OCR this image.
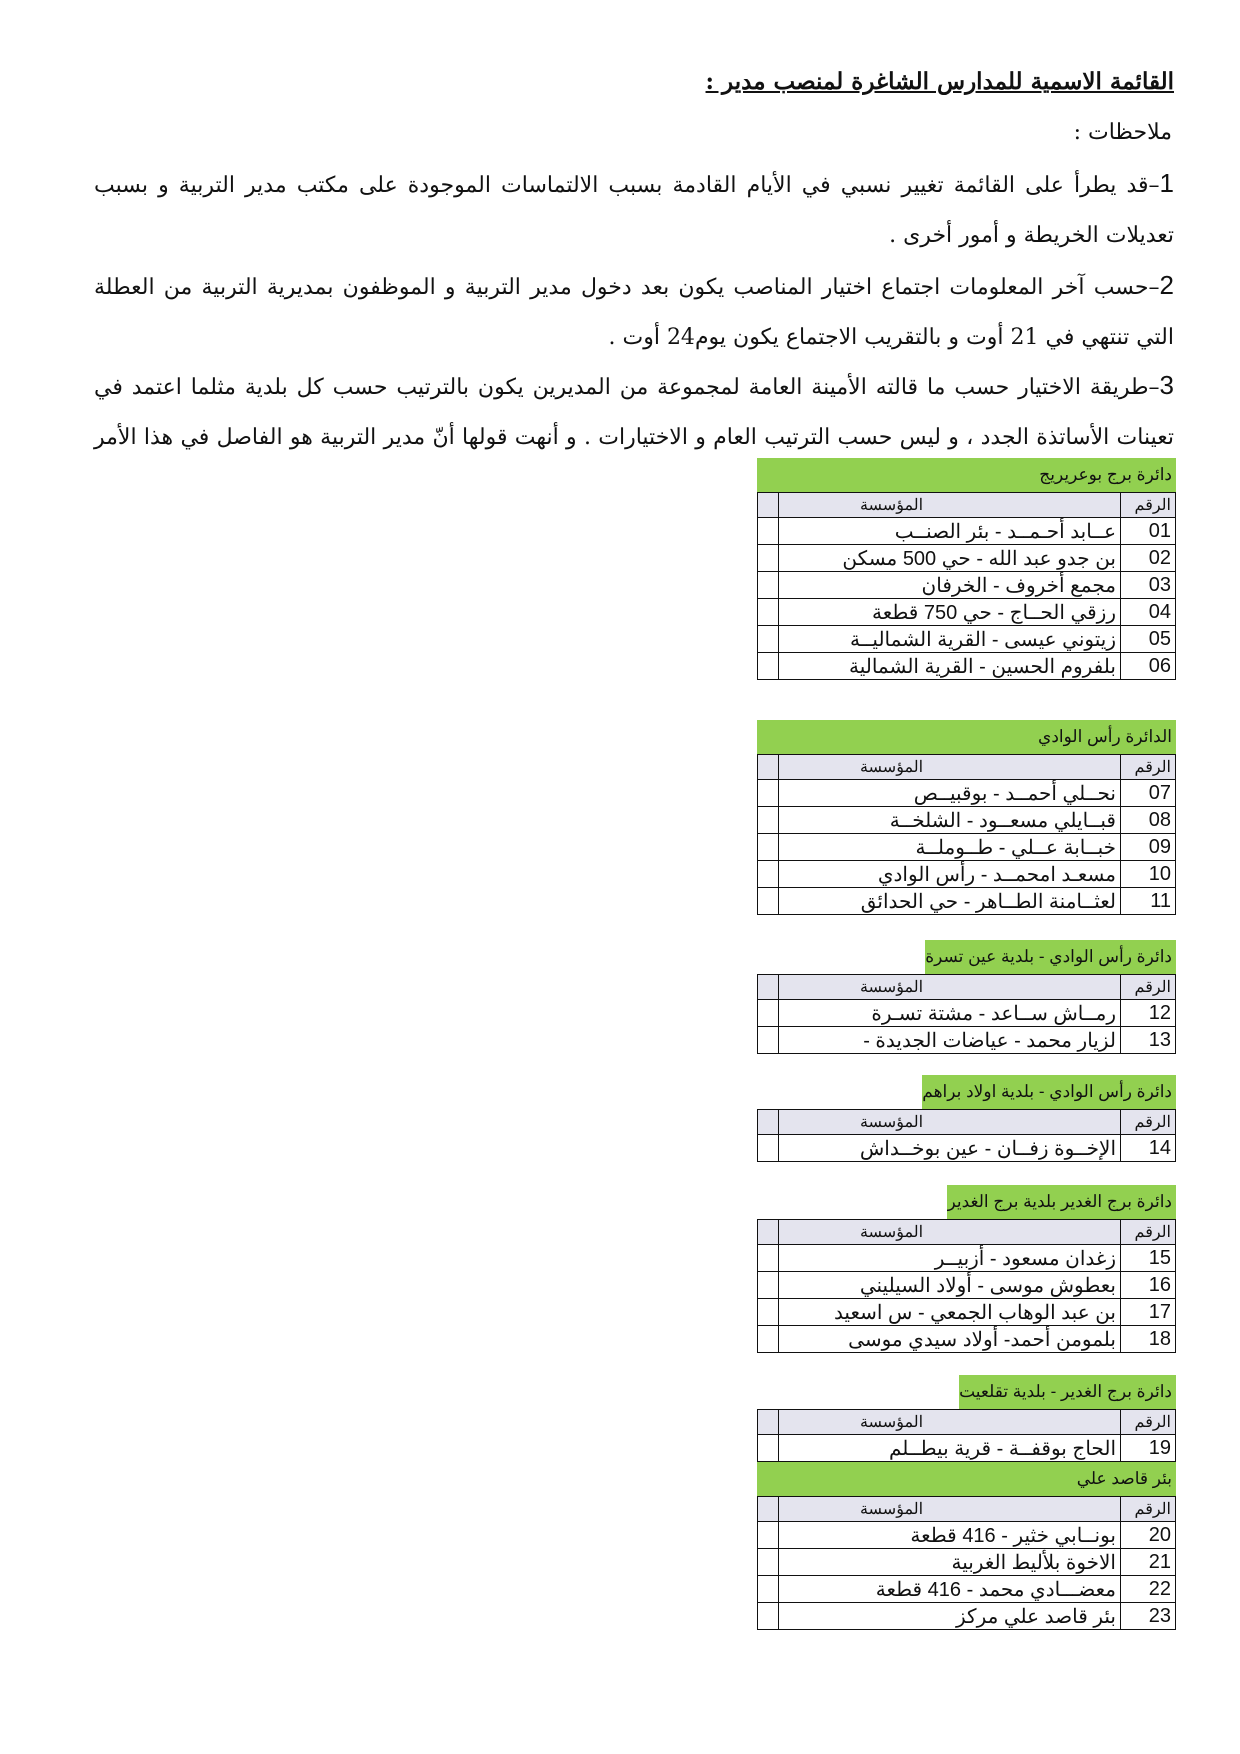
القائمة الاسمية للمدارس الشاغرة لمنصب مدير :
ملاحظات :
1–قد يطرأ على القائمة تغيير نسبي في الأيام القادمة بسبب الالتماسات الموجودة على مكتب مدير التربية و بسبب تعديلات الخريطة و أمور أخرى .
2–حسب آخر المعلومات اجتماع اختيار المناصب يكون بعد دخول مدير التربية و الموظفون بمديرية التربية من العطلة التي تنتهي في 21 أوت و بالتقريب الاجتماع يكون يوم24 أوت .
3–طريقة الاختيار حسب ما قالته الأمينة العامة لمجموعة من المديرين يكون بالترتيب حسب كل بلدية مثلما اعتمد في تعينات الأساتذة الجدد ، و ليس حسب الترتيب العام و الاختيارات . و أنهت قولها أنّ مدير التربية هو الفاصل في هذا الأمر
دائرة برج بوعريريج
الرقم	المؤسسة	
01	عــابد أحـمــد - بئر الصنــب	
02	بن جدو عبد الله - حي 500 مسكن	
03	مجمع أخروف - الخرفان	
04	رزقي الحــاج - حي 750 قطعة	
05	زيتوني عيسى - القرية الشماليــة	
06	بلفروم الحسين - القرية الشمالية	
الدائرة رأس الوادي
الرقم	المؤسسة	
07	نحــلي أحمــد - بوقبيــص	
08	قبــايلي مسعــود - الشلخــة	
09	خبــابة عــلي - طــوملــة	
10	مسعـد امحمــد - رأس الوادي	
11	لعثــامنة الطــاهر - حي الحدائق	
دائرة رأس الوادي - بلدية عين تسرة
الرقم	المؤسسة	
12	رمــاش ســاعد - مشتة تسـرة	
13	لزيار محمد - عياضات الجديدة -	
دائرة رأس الوادي - بلدية اولاد براهم
الرقم	المؤسسة	
14	الإخــوة زفــان - عين بوخــداش	
دائرة برج الغدير بلدية برج الغدير
الرقم	المؤسسة	
15	زغدان مسعود - أزبيــر	
16	بعطوش موسى - أولاد السيليني	
17	بن عبد الوهاب الجمعي - س اسعيد	
18	بلمومن أحمد- أولاد سيدي موسى	
دائرة برج الغدير - بلدية تقلعيت
الرقم	المؤسسة	
19	الحاج بوقفــة - قرية بيطــلم	
بئر قاصد علي
الرقم	المؤسسة	
20	بونــابي خثير - 416 قطعة	
21	الاخوة بلأليط الغربية	
22	معضـــادي محمد - 416 قطعة	
23	بئر قاصد علي مركز	
